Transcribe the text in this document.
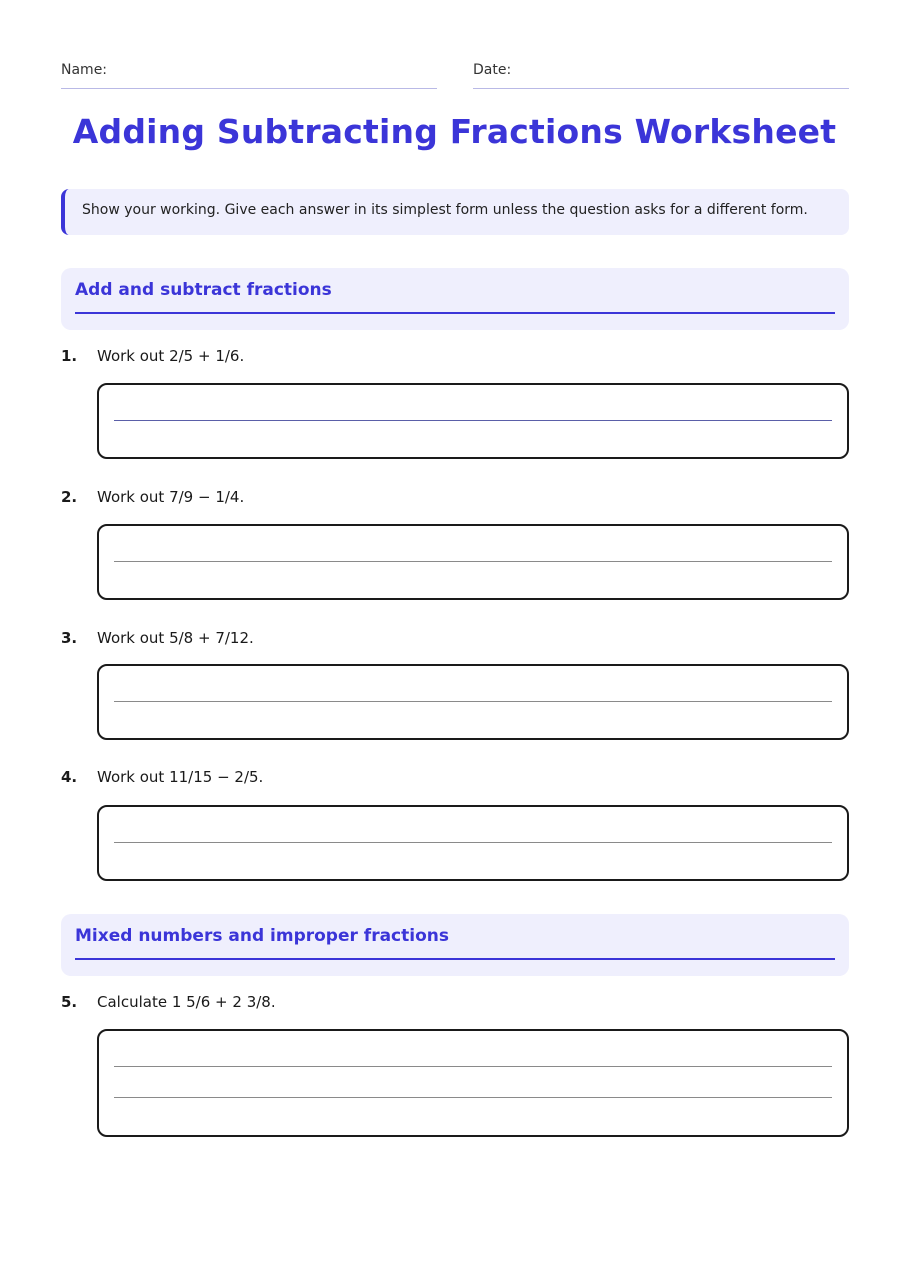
Name:	Date:
Adding Subtracting Fractions Worksheet
Show your working. Give each answer in its simplest form unless the question asks for a different form.
Add and subtract fractions
1. Work out 2/5 + 1/6.
2. Work out 7/9 − 1/4.
3. Work out 5/8 + 7/12.
4. Work out 11/15 − 2/5.
Mixed numbers and improper fractions
5. Calculate 1 5/6 + 2 3/8.
